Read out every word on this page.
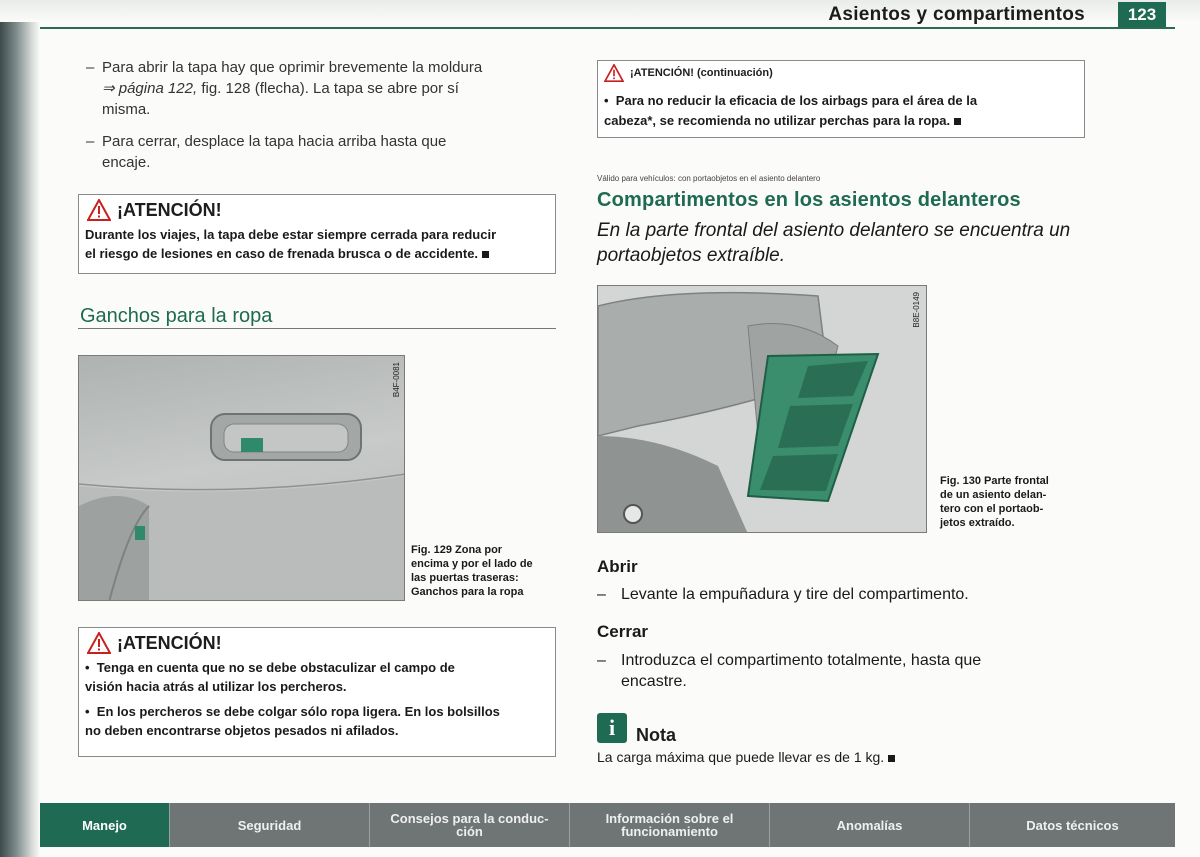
Asientos y compartimentos	123
– Para abrir la tapa hay que oprimir brevemente la moldura
⇒ página 122, fig. 128 (flecha). La tapa se abre por sí
misma.
– Para cerrar, desplace la tapa hacia arriba hasta que
encaje.
¡ATENCIÓN!
Durante los viajes, la tapa debe estar siempre cerrada para reducir
el riesgo de lesiones en caso de frenada brusca o de accidente.
Ganchos para la ropa
B4F-0081
Fig. 129 Zona por
encima y por el lado de
las puertas traseras:
Ganchos para la ropa
¡ATENCIÓN!
• Tenga en cuenta que no se debe obstaculizar el campo de
visión hacia atrás al utilizar los percheros.
• En los percheros se debe colgar sólo ropa ligera. En los bolsillos
no deben encontrarse objetos pesados ni afilados.
¡ATENCIÓN! (continuación)
• Para no reducir la eficacia de los airbags para el área de la
cabeza*, se recomienda no utilizar perchas para la ropa.
Válido para vehículos: con portaobjetos en el asiento delantero
Compartimentos en los asientos delanteros
En la parte frontal del asiento delantero se encuentra un
portaobjetos extraíble.
B8E-0149
Fig. 130 Parte frontal
de un asiento delan-
tero con el portaob-
jetos extraído.
Abrir
– Levante la empuñadura y tire del compartimento.
Cerrar
– Introduzca el compartimento totalmente, hasta que
encastre.
i	Nota
La carga máxima que puede llevar es de 1 kg.
Manejo	Seguridad	Consejos para la conduc-
ción
Información sobre el
funcionamiento	Anomalías	Datos técnicos
